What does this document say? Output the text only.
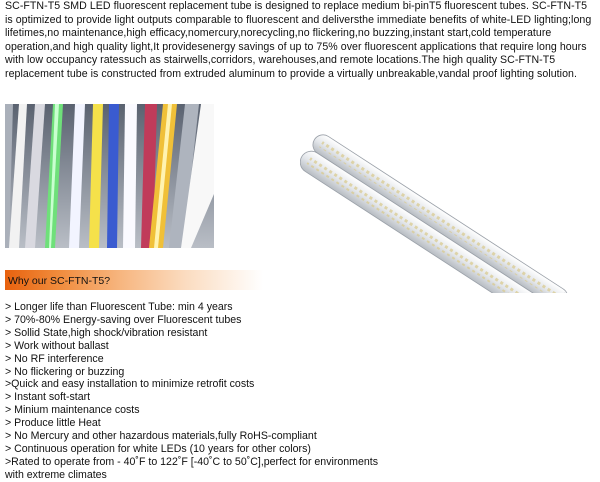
SC-FTN-T5 SMD LED fluorescent replacement tube is designed to replace medium bi-pinT5 fluorescent tubes. SC-FTN-T5 is optimized to provide light outputs comparable to fluorescent and deliversthe immediate benefits of white-LED lighting;long lifetimes,no maintenance,high efficacy,nomercury,norecycling,no flickering,no buzzing,instant start,cold temperature operation,and high quality light,It providesenergy savings of up to 75% over fluorescent applications that require long hours with low occupancy ratessuch as stairwells,corridors, warehouses,and remote locations.The high quality SC-FTN-T5 replacement tube is constructed from extruded aluminum to provide a virtually unbreakable,vandal proof lighting solution.

Why our SC-FTN-T5?
> Longer life than Fluorescent Tube: min 4 years
> 70%-80% Energy-saving over Fluorescent tubes
> Sollid State,high shock/vibration resistant
> Work without ballast
> No RF interference
> No flickering or buzzing
>Quick and easy installation to minimize retrofit costs
> Instant soft-start
> Minium maintenance costs
> Produce little Heat
> No Mercury and other hazardous materials,fully RoHS-compliant
> Continuous operation for white LEDs (10 years for other colors)
>Rated to operate from - 40˚F to 122˚F [-40˚C to 50˚C],perfect for environments with extreme climates
